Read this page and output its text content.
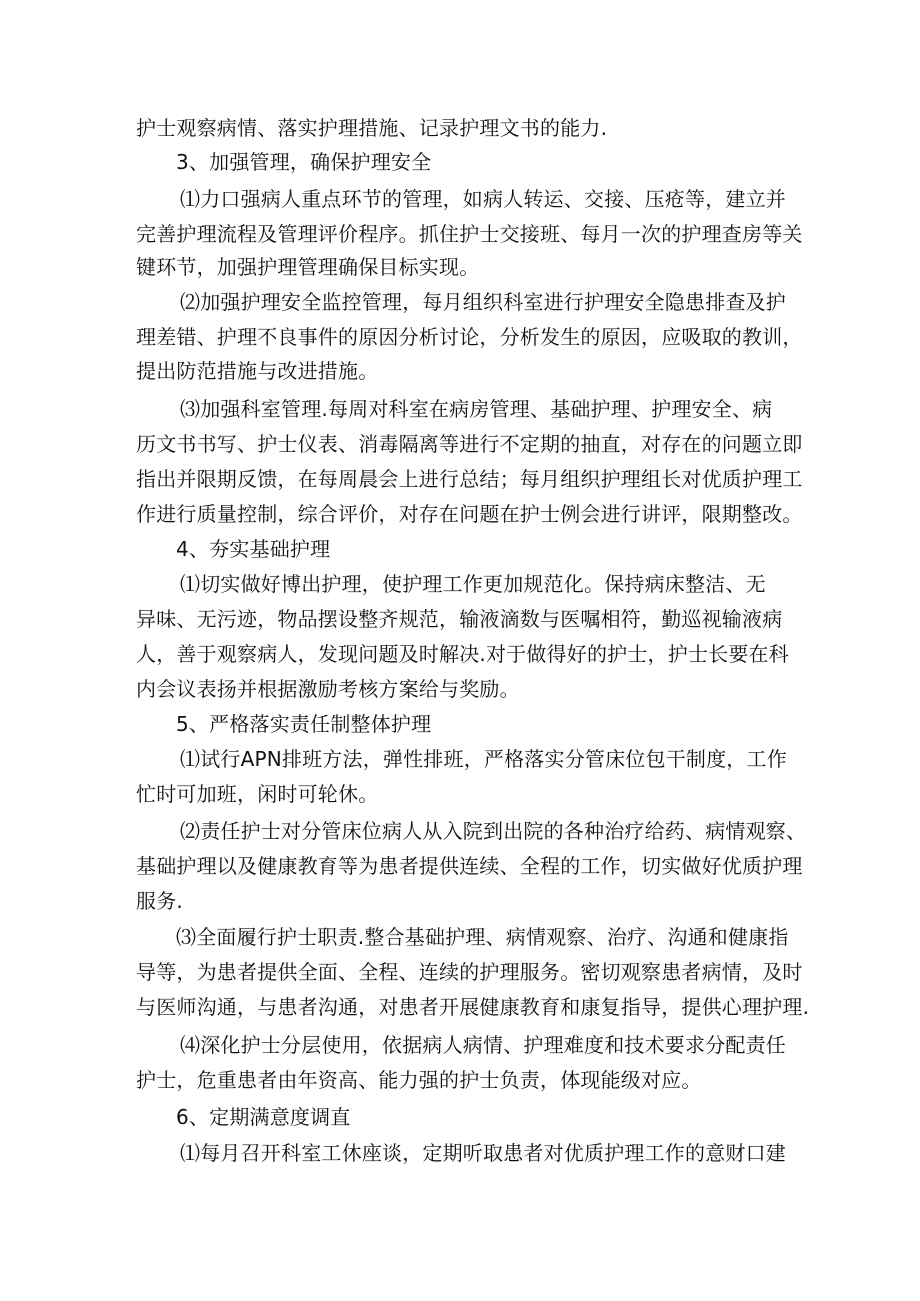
护士观察病情、落实护理措施、记录护理文书的能力.
3、加强管理，确保护理安全
⑴力口强病人重点环节的管理，如病人转运、交接、压疮等，建立并
完善护理流程及管理评价程序。抓住护士交接班、每月一次的护理查房等关
键环节，加强护理管理确保目标实现。
⑵加强护理安全监控管理，每月组织科室进行护理安全隐患排查及护
理差错、护理不良事件的原因分析讨论，分析发生的原因，应吸取的教训，
提出防范措施与改进措施。
⑶加强科室管理.每周对科室在病房管理、基础护理、护理安全、病
历文书书写、护士仪表、消毒隔离等进行不定期的抽直，对存在的问题立即
指出并限期反馈，在每周晨会上进行总结；每月组织护理组长对优质护理工
作进行质量控制，综合评价，对存在问题在护士例会进行讲评，限期整改。
4、夯实基础护理
⑴切实做好博出护理，使护理工作更加规范化。保持病床整洁、无
异味、无污迹，物品摆设整齐规范，输液滴数与医嘱相符，勤巡视输液病
人，善于观察病人，发现问题及时解决.对于做得好的护士，护士长要在科
内会议表扬并根据激励考核方案给与奖励。
5、严格落实责任制整体护理
⑴试行APN排班方法，弹性排班，严格落实分管床位包干制度，工作
忙时可加班，闲时可轮休。
⑵责任护士对分管床位病人从入院到出院的各种治疗给药、病情观察、
基础护理以及健康教育等为患者提供连续、全程的工作，切实做好优质护理
服务.
⑶全面履行护士职责.整合基础护理、病情观察、治疗、沟通和健康指
导等，为患者提供全面、全程、连续的护理服务。密切观察患者病情，及时
与医师沟通，与患者沟通，对患者开展健康教育和康复指导，提供心理护理.
⑷深化护士分层使用，依据病人病情、护理难度和技术要求分配责任
护士，危重患者由年资高、能力强的护士负责，体现能级对应。
6、定期满意度调直
⑴每月召开科室工休座谈，定期听取患者对优质护理工作的意财口建
